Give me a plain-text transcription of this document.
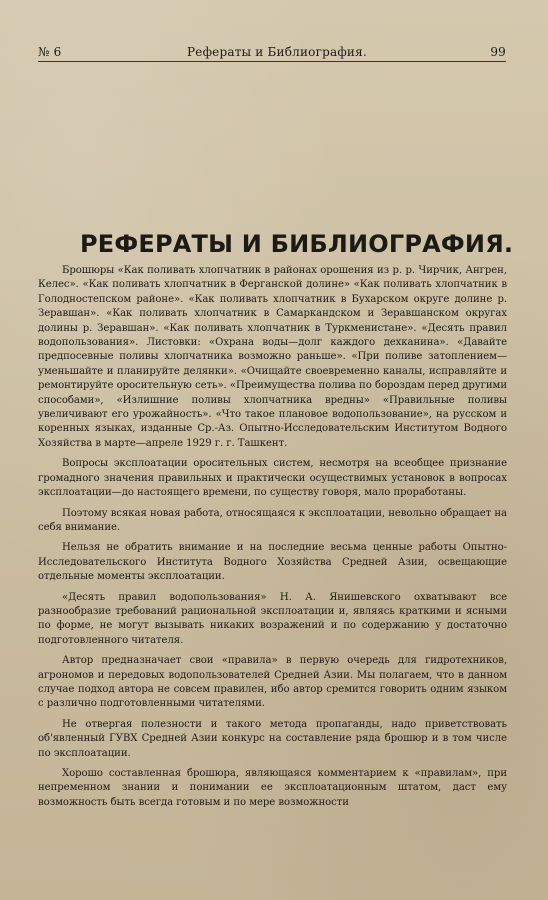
№ 6	Рефераты и Библиография.	99
РЕФЕРАТЫ И БИБЛИОГРАФИЯ.

Брошюры «Как поливать хлопчатник в районах орошения из р. р. Чирчик, Ангрен, Келес». «Как поливать хлопчатник в Ферганской долине» «Как поливать хлопчатник в Голодностепском районе». «Как поливать хлопчатник в Бухарском округе долине р. Зеравшан». «Как поливать хлопчатник в Самаркандском и Зеравшанском округах долины р. Зеравшан». «Как поливать хлопчатник в Туркменистане». «Десять правил водопользования». Листовки: «Охрана воды—долг каждого дехканина». «Давайте предпосевные поливы хлопчатника возможно раньше». «При поливе затоплением—уменьшайте и планируйте делянки». «Очищайте своевременно каналы, исправляйте и ремонтируйте оросительную сеть». «Преимущества полива по бороздам перед другими способами», «Излишние поливы хлопчатника вредны» «Правильные поливы увеличивают его урожайность». «Что такое плановое водопользование», на русском и коренных языках, изданные Ср.-Аз. Опытно-Исследовательским Институтом Водного Хозяйства в марте—апреле 1929 г. г. Ташкент.

Вопросы эксплоатации оросительных систем, несмотря на всеобщее признание громадного значения правильных и практически осуществимых установок в вопросах эксплоатации—до настоящего времени, по существу говоря, мало проработаны.

Поэтому всякая новая работа, относящаяся к эксплоатации, невольно обращает на себя внимание.

Нельзя не обратить внимание и на последние весьма ценные работы Опытно-Исследовательского Института Водного Хозяйства Средней Азии, освещающие отдельные моменты эксплоатации.

«Десять правил водопользования» Н. А. Янишевского охватывают все разнообразие требований рациональной эксплоатации и, являясь краткими и ясными по форме, не могут вызывать никаких возражений и по содержанию у достаточно подготовленного читателя.

Автор предназначает свои «правила» в первую очередь для гидротехников, агрономов и передовых водопользователей Средней Азии. Мы полагаем, что в данном случае подход автора не совсем правилен, ибо автор сремится говорить одним языком с различно подготовленными читателями.

Не отвергая полезности и такого метода пропаганды, надо приветствовать об'явленный ГУВХ Средней Азии конкурс на составление ряда брошюр и в том числе по эксплоатации.

Хорошо составленная брошюра, являющаяся комментарием к «правилам», при непременном знании и понимании ее эксплоатационным штатом, даст ему возможность быть всегда готовым и по мере возможности
